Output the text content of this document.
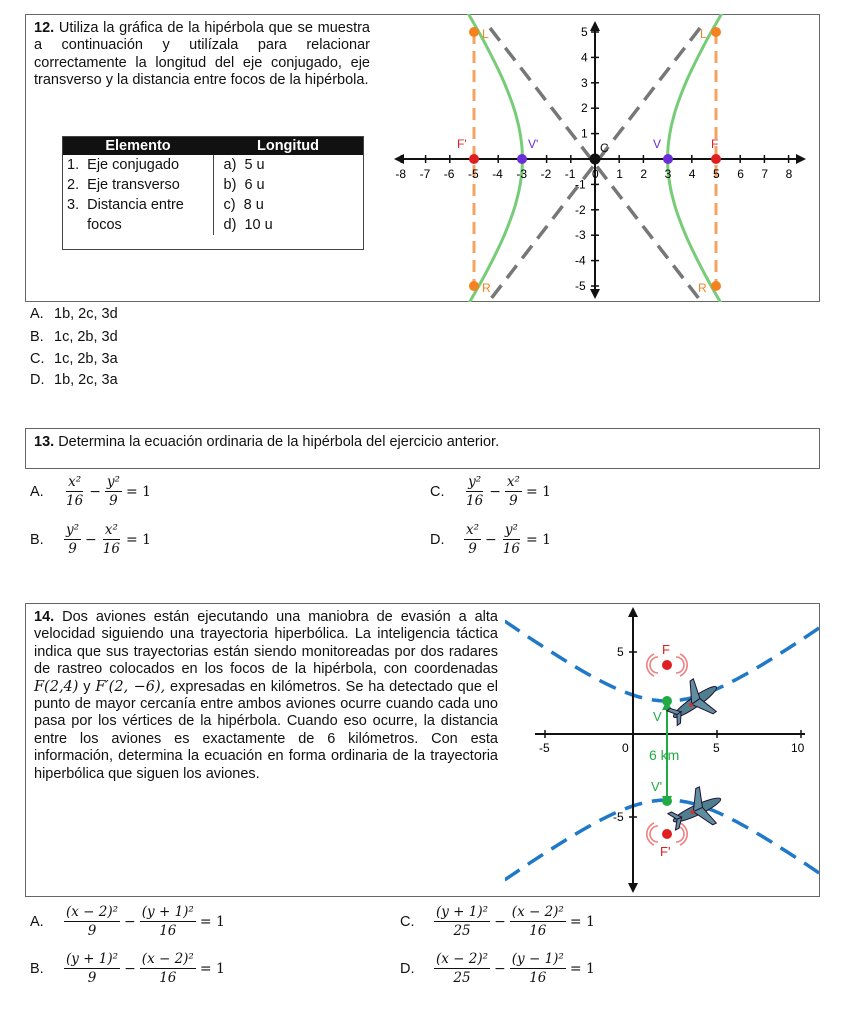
12. Utiliza la gráfica de la hipérbola que se muestra a continuación y utilízala para relacionar correctamente la longitud del eje conjugado, eje transverso y la distancia entre focos de la hipérbola.
Elemento	Longitud
1.  Eje conjugado	a)  5 u
2.  Eje transverso	b)  6 u
3.  Distancia entre	c)  8 u
focos	d)  10 u
-8 -7 -6 -5 -4 -3 -2 -1 0 1 2 3 4 5 6 7 8
5
4
3
2
1
-1
-2
-3
-4
-5
L	L
R	R
F'	F
V'	V
C
A. 1b, 2c, 3d
B. 1c, 2b, 3d
C. 1c, 2b, 3a
D. 1b, 2c, 3a
13. Determina la ecuación ordinaria de la hipérbola del ejercicio anterior.
A.	$\frac{\text{x²}}{16} - \frac{\text{y²}}{9} = 1$	C.	$\frac{\text{y²}}{16} - \frac{\text{x²}}{9} = 1$
B.	$\frac{\text{y²}}{9} - \frac{\text{x²}}{16} = 1$	D.	$\frac{\text{x²}}{9} - \frac{\text{y²}}{16} = 1$
14. Dos aviones están ejecutando una maniobra de evasión a alta velocidad siguiendo una trayectoria hiperbólica. La inteligencia táctica indica que sus trayectorias están siendo monitoreadas por dos radares de rastreo colocados en los focos de la hipérbola, con coordenadas F(2,4) y F′(2, −6), expresadas en kilómetros. Se ha detectado que el punto de mayor cercanía entre ambos aviones ocurre cuando cada uno pasa por los vértices de la hipérbola. Cuando eso ocurre, la distancia entre los aviones es exactamente de 6 kilómetros. Con esta información, determina la ecuación en forma ordinaria de la trayectoria hiperbólica que siguen los aviones.
-5	0	5	10
5
-5
6 km
F
F'
V
V'
A.	$\frac{\text{(x − 2)²}}{9} - \frac{\text{(y + 1)²}}{16} = 1$	C.	$\frac{\text{(y + 1)²}}{25} - \frac{\text{(x − 2)²}}{16} = 1$
B.	$\frac{\text{(y + 1)²}}{9} - \frac{\text{(x − 2)²}}{16} = 1$	D.	$\frac{\text{(x − 2)²}}{25} - \frac{\text{(y − 1)²}}{16} = 1$
